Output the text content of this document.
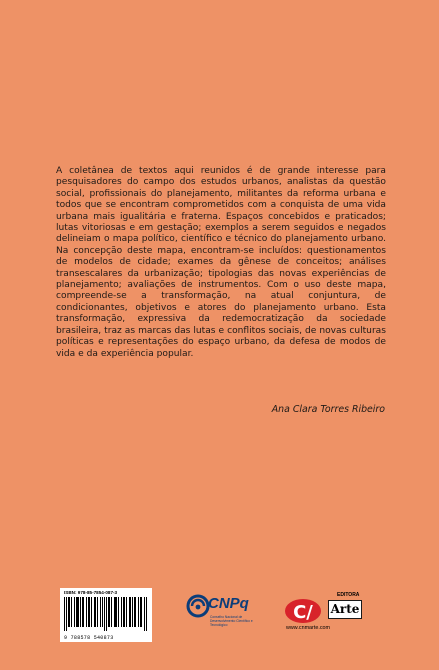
A coletânea de textos aqui reunidos é de grande interesse para pesquisadores do campo dos estudos urbanos, analistas da questão social, profissionais do planejamento, militantes da reforma urbana e todos que se encontram comprometidos com a conquista de uma vida urbana mais igualitária e fraterna. Espaços concebidos e praticados; lutas vitoriosas e em gestação; exemplos a serem seguidos e negados delineiam o mapa político, científico e técnico do planejamento urbano. Na concepção deste mapa, encontram-se incluídos: questionamentos de modelos de cidade; exames da gênese de conceitos; análises transescalares da urbanização; tipologias das novas experiências de planejamento; avaliações de instrumentos. Com o uso deste mapa, compreende-se a transformação, na atual conjuntura, de condicionantes, objetivos e atores do planejamento urbano. Esta transformação, expressiva da redemocratização da sociedade brasileira, traz as marcas das lutas e conflitos sociais, de novas culturas políticas e representações do espaço urbano, da defesa de modos de vida e da experiência popular.

Ana Clara Torres Ribeiro

ISBN: 978-85-7854-087-3
9 788578 540873
CNPq
Conselho Nacional de Desenvolvimento Científico e Tecnológico
EDITORA
C/ Arte
www.cnmarte.com
